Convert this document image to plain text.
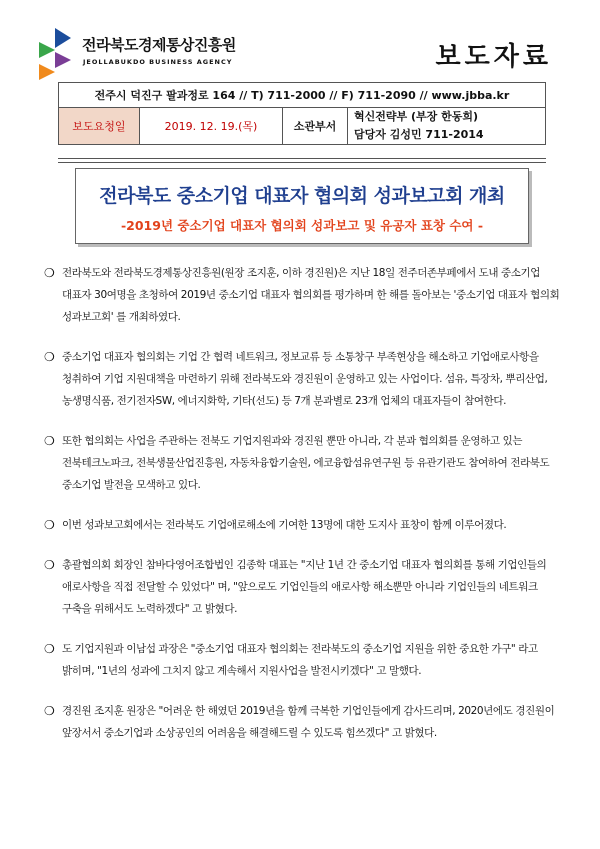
전라북도경제통상진흥원
JEOLLABUKDO BUSINESS AGENCY	보도자료
전주시 덕진구 팔과정로 164 // T) 711-2000 // F) 711-2090 // www.jbba.kr
보도요청일	2019. 12. 19.(목)	소관부서	
혁신전략부 (부장 한동희)
담당자 김성민 711-2014
전라북도 중소기업 대표자 협의회 성과보고회 개최
-2019년 중소기업 대표자 협의회 성과보고 및 유공자 표창 수여 -
❍ 전라북도와 전라북도경제통상진흥원(원장 조지훈, 이하 경진원)은 지난 18일 전주더존부페에서 도내 중소기업 대표자 30여명을 초청하여 2019년 중소기업 대표자 협의회를 평가하며 한 해를 돌아보는 '중소기업 대표자 협의회 성과보고회' 를 개최하였다.
❍ 중소기업 대표자 협의회는 기업 간 협력 네트워크, 정보교류 등 소통창구 부족현상을 해소하고 기업애로사항을 청취하여 기업 지원대책을 마련하기 위해 전라북도와 경진원이 운영하고 있는 사업이다. 섬유, 특장차, 뿌리산업, 농생명식품, 전기전자SW, 에너지화학, 기타(선도) 등 7개 분과별로 23개 업체의 대표자들이 참여한다.
❍ 또한 협의회는 사업을 주관하는 전북도 기업지원과와 경진원 뿐만 아니라, 각 분과 협의회를 운영하고 있는 전북테크노파크, 전북생물산업진흥원, 자동차융합기술원, 에코융합섬유연구원 등 유관기관도 참여하여 전라북도 중소기업 발전을 모색하고 있다.
❍ 이번 성과보고회에서는 전라북도 기업애로해소에 기여한 13명에 대한 도지사 표창이 함께 이루어졌다.
❍ 총괄협의회 회장인 참바다영어조합법인 김종학 대표는 "지난 1년 간 중소기업 대표자 협의회를 통해 기업인들의 애로사항을 직접 전달할 수 있었다" 며, "앞으로도 기업인들의 애로사항 해소뿐만 아니라 기업인들의 네트워크 구축을 위해서도 노력하겠다" 고 밝혔다.
❍ 도 기업지원과 이남섭 과장은 "중소기업 대표자 협의회는 전라북도의 중소기업 지원을 위한 중요한 가구" 라고 밝히며, "1년의 성과에 그치지 않고 계속해서 지원사업을 발전시키겠다" 고 말했다.
❍ 경진원 조지훈 원장은 "어려운 한 해였던 2019년을 함께 극복한 기업인들에게 감사드리며, 2020년에도 경진원이 앞장서서 중소기업과 소상공인의 어려움을 해결해드릴 수 있도록 힘쓰겠다" 고 밝혔다.
